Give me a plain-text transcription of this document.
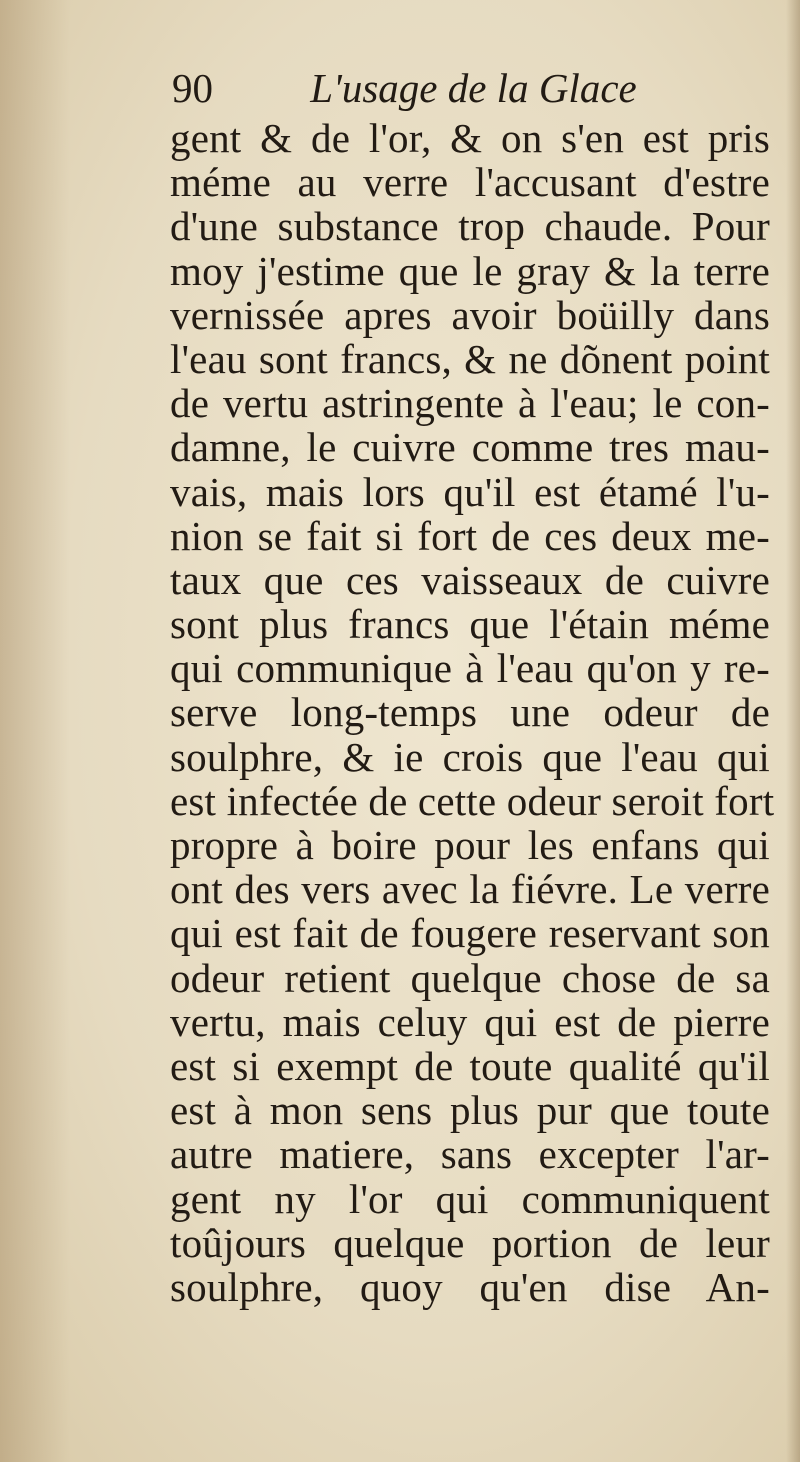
90 L'usage de la Glace
gent & de l'or, & on s'en est pris
méme au verre l'accusant d'estre
d'une substance trop chaude. Pour
moy j'estime que le gray & la terre
vernissée apres avoir boüilly dans
l'eau sont francs, & ne dõnent point
de vertu astringente à l'eau; le con-
damne, le cuivre comme tres mau-
vais, mais lors qu'il est étamé l'u-
nion se fait si fort de ces deux me-
taux que ces vaisseaux de cuivre
sont plus francs que l'étain méme
qui communique à l'eau qu'on y re-
serve long-temps une odeur de
soulphre, & ie crois que l'eau qui
est infectée de cette odeur seroit fort
propre à boire pour les enfans qui
ont des vers avec la fiévre. Le verre
qui est fait de fougere reservant son
odeur retient quelque chose de sa
vertu, mais celuy qui est de pierre
est si exempt de toute qualité qu'il
est à mon sens plus pur que toute
autre matiere, sans excepter l'ar-
gent ny l'or qui communiquent
toûjours quelque portion de leur
soulphre, quoy qu'en dise An-
